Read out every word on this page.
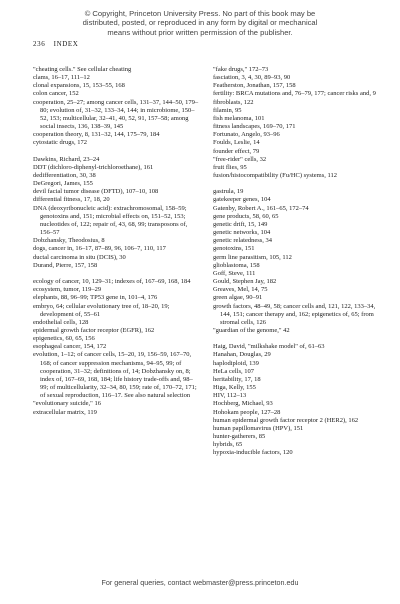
© Copyright, Princeton University Press. No part of this book may be
distributed, posted, or reproduced in any form by digital or mechanical
means without prior written permission of the publisher.
236 INDEX
"cheating cells." See cellular cheating
clams, 16–17, 111–12
clonal expansions, 15, 153–55, 168
colon cancer, 152
cooperation, 25–27; among cancer cells, 131–37, 144–50, 179–80; evolution of, 31–32, 133–34, 144; in microbiome, 150–52, 153; multicellular, 32–41, 40, 52, 91, 157–58; among social insects, 136, 138–39, 145
cooperation theory, 8, 131–32, 144, 175–79, 184
cytostatic drugs, 172
Dawkins, Richard, 23–24
DDT (dichloro-diphenyl-trichloroethane), 161
dedifferentiation, 30, 38
DeGregori, James, 155
devil facial tumor disease (DFTD), 107–10, 108
differential fitness, 17, 18, 20
DNA (deoxyribonucleic acid): extrachromosomal, 158–59; genotoxins and, 151; microbial effects on, 151–52, 153; nucleotides of, 122; repair of, 43, 68, 99; transposons of, 156–57
Dobzhansky, Theodosius, 8
dogs, cancer in, 16–17, 87–89, 96, 106–7, 110, 117
ductal carcinoma in situ (DCIS), 30
Durand, Pierre, 157, 158
ecology of cancer, 10, 129–31; indexes of, 167–69, 168, 184
ecosystem, tumor, 119–29
elephants, 88, 96–99; TP53 gene in, 101–4, 176
embryo, 64; cellular evolutionary tree of, 18–20, 19; development of, 55–61
endothelial cells, 128
epidermal growth factor receptor (EGFR), 162
epigenetics, 60, 65, 156
esophageal cancer, 154, 172
evolution, 1–12; of cancer cells, 15–20, 19, 156–59, 167–70, 168; of cancer suppression mechanisms, 94–95, 99; of cooperation, 31–32; definitions of, 14; Dobzhansky on, 8; index of, 167–69, 168, 184; life history trade-offs and, 98–99; of multicellularity, 32–34, 80, 159; rate of, 170–72, 171; of sexual reproduction, 116–17. See also natural selection
"evolutionary suicide," 16
extracellular matrix, 119
"fake drugs," 172–73
fasciation, 3, 4, 30, 89–93, 90
Featherston, Jonathan, 157, 158
fertility: BRCA mutations and, 76–79, 177; cancer risks and, 9
fibroblasts, 122
filamin, 95
fish melanoma, 101
fitness landscapes, 169–70, 171
Fortunato, Angelo, 93–96
Foulds, Leslie, 14
founder effect, 79
"free-rider" cells, 32
fruit flies, 95
fusion/histocompatibility (Fu/HC) systems, 112
gastrula, 19
gatekeeper genes, 104
Gatenby, Robert A., 161–65, 172–74
gene products, 58, 60, 65
genetic drift, 15, 149
genetic networks, 104
genetic relatedness, 34
genotoxins, 151
germ line parasitism, 105, 112
glioblastoma, 158
Goff, Steve, 111
Gould, Stephen Jay, 182
Greaves, Mel, 14, 75
green algae, 90–91
growth factors, 48–49, 58; cancer cells and, 121, 122, 133–34, 144, 151; cancer therapy and, 162; epigenetics of, 65; from stromal cells, 126
"guardian of the genome," 42
Haig, David, "milkshake model" of, 61–63
Hanahan, Douglas, 29
haplodiploid, 139
HeLa cells, 107
heritability, 17, 18
Higa, Kelly, 155
HIV, 112–13
Hochberg, Michael, 93
Hohokam people, 127–28
human epidermal growth factor receptor 2 (HER2), 162
human papillomavirus (HPV), 151
hunter-gatherers, 85
hybrids, 65
hypoxia-inducible factors, 120
For general queries, contact webmaster@press.princeton.edu
